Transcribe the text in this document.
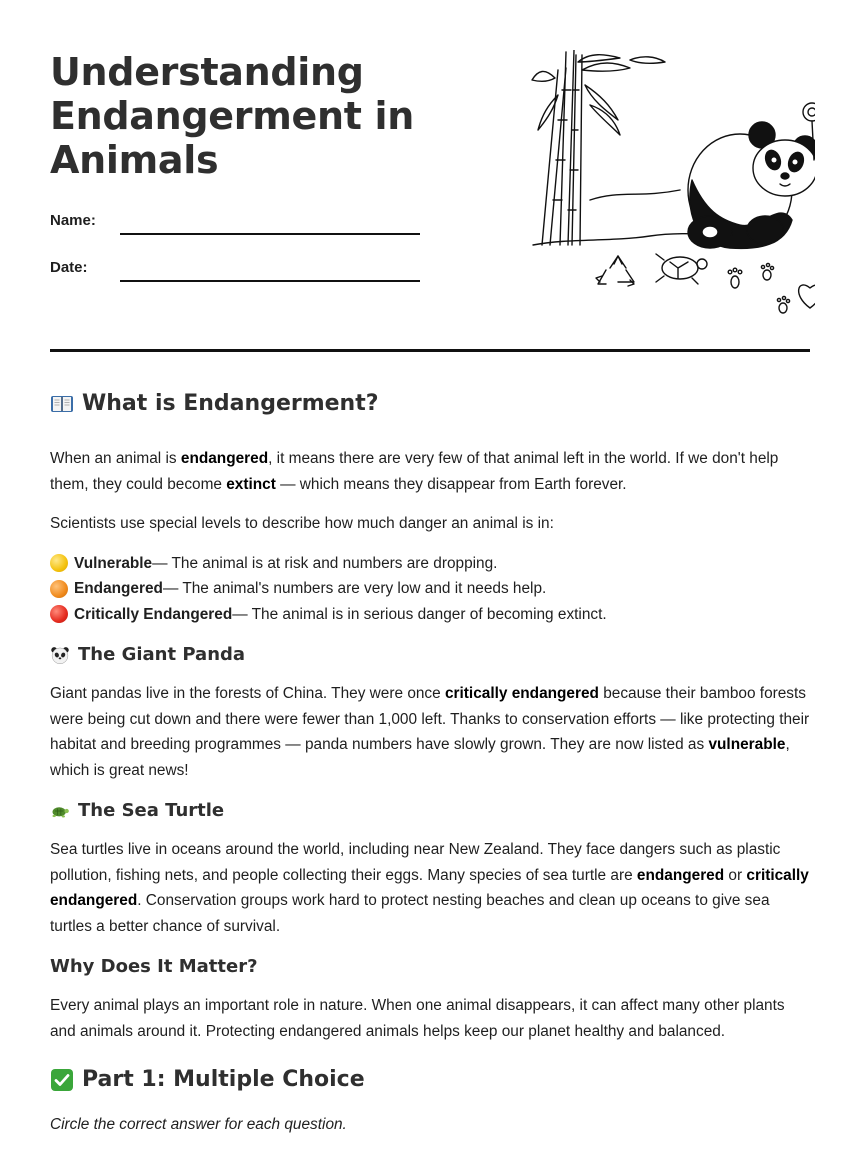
Understanding Endangerment in Animals
Name:
Date:
What is Endangerment?

When an animal is endangered, it means there are very few of that animal left in the world. If we don't help them, they could become extinct — which means they disappear from Earth forever.

Scientists use special levels to describe how much danger an animal is in:

Vulnerable — The animal is at risk and numbers are dropping.
Endangered — The animal's numbers are very low and it needs help.
Critically Endangered — The animal is in serious danger of becoming extinct.
The Giant Panda

Giant pandas live in the forests of China. They were once critically endangered because their bamboo forests were being cut down and there were fewer than 1,000 left. Thanks to conservation efforts — like protecting their habitat and breeding programmes — panda numbers have slowly grown. They are now listed as vulnerable, which is great news!

The Sea Turtle

Sea turtles live in oceans around the world, including near New Zealand. They face dangers such as plastic pollution, fishing nets, and people collecting their eggs. Many species of sea turtle are endangered or critically endangered. Conservation groups work hard to protect nesting beaches and clean up oceans to give sea turtles a better chance of survival.

Why Does It Matter?

Every animal plays an important role in nature. When one animal disappears, it can affect many other plants and animals around it. Protecting endangered animals helps keep our planet healthy and balanced.

Part 1: Multiple Choice

Circle the correct answer for each question.
